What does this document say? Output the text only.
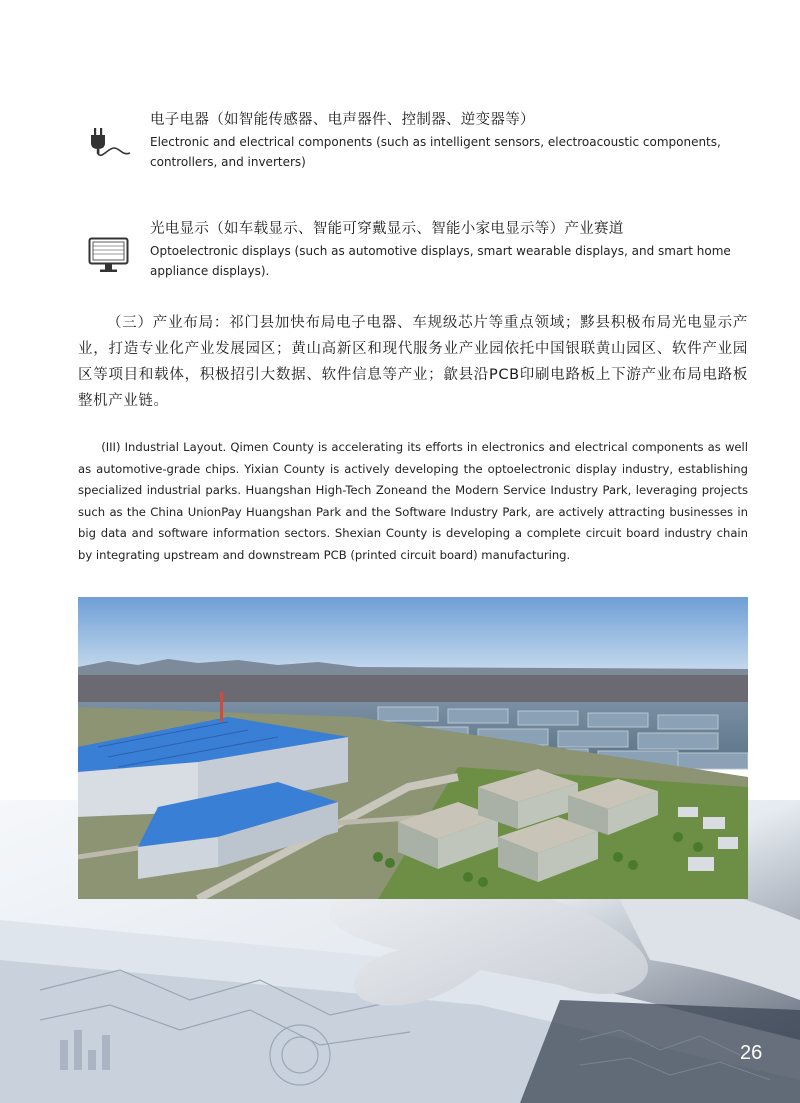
电子电器（如智能传感器、电声器件、控制器、逆变器等）
Electronic and electrical components (such as intelligent sensors, electroacoustic components, controllers, and inverters)
光电显示（如车载显示、智能可穿戴显示、智能小家电显示等）产业赛道
Optoelectronic displays (such as automotive displays, smart wearable displays, and smart home appliance displays).
（三）产业布局：祁门县加快布局电子电器、车规级芯片等重点领域；黟县积极布局光电显示产业，打造专业化产业发展园区；黄山高新区和现代服务业产业园依托中国银联黄山园区、软件产业园区等项目和载体，积极招引大数据、软件信息等产业；歙县沿PCB印刷电路板上下游产业布局电路板整机产业链。
(III) Industrial Layout. Qimen County is accelerating its efforts in electronics and electrical components as well as automotive-grade chips. Yixian County is actively developing the optoelectronic display industry, establishing specialized industrial parks. Huangshan High-Tech Zoneand the Modern Service Industry Park, leveraging projects such as the China UnionPay Huangshan Park and the Software Industry Park, are actively attracting businesses in big data and software information sectors. Shexian County is developing a complete circuit board industry chain by integrating upstream and downstream PCB (printed circuit board) manufacturing.
26
